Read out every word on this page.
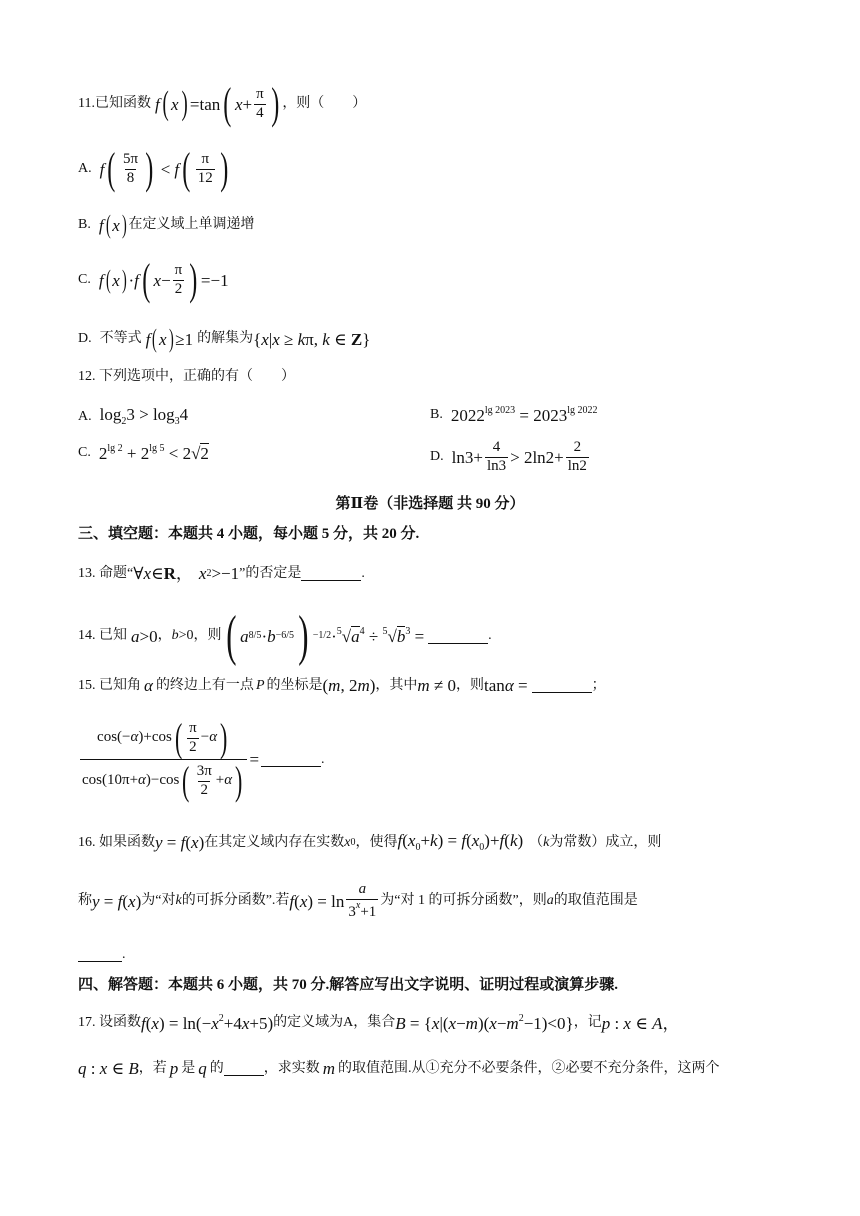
11. 已知函数 f ( x ) =tan ( $x + \frac{\pi}{4}$ ) ，则（　　）
A. f ( $\frac{5\pi}{8}$ ) < f ( $\frac{\pi}{12}$ )
B. f ( x ) 在定义域上单调递增
C. f ( x ) · f ( $x - \frac{\pi}{2}$ ) =−1
D. 不等式 f ( x ) ≥1 的解集为 {x|x ≥ kπ, k ∈ Z}
12. 下列选项中，正确的有（　　）
A. $\log_23 > \log_34$	B. $2022^{lg 2023} = 2023^{lg 2022}$
C. $2^{lg 2} + 2^{lg 5} < 2√2$	D. $\ln 3+ \frac{4}{\ln 3} > 2\ln 2+ \frac{2}{\ln 2}$
第Ⅱ卷（非选择题 共 90 分）
三、填空题：本题共 4 小题，每小题 5 分，共 20 分.
13. 命题“ ∀x∈R， x 2 >−1 ”的否定是	.
14. 已知 a >0 ， b >0 ，则 ( a 8/5 · b −6/5 ) $-1/2 \cdot^5√a^4 \div ^5√b^3$ =	.
15. 已知角 α 的终边上有一点 P 的坐标是 (m, 2m) ，其中 m ≠ 0 ，则 tanα =	；
$\frac{\cos(- \alpha )+\cos ( \frac{\pi}{2} - \alpha )}{\cos(10\pi+ \alpha )-\cos ( \frac{3\pi}{2} + \alpha )}$ =	.
16. 如果函数 y = f(x) 在其定义域内存在实数 x 0 ，使得 $f(x_0+k) = f(x_0)+f(k)$ （ k 为常数）成立，则
称 y = f(x) 为“对 k 的可拆分函数”.若 $f(x) = \ln \frac{a}{3^x+1}$ 为“对 1 的可拆分函数”，则 a 的取值范围是
.
四、解答题：本题共 6 小题，共 70 分.解答应写出文字说明、证明过程或演算步骤.
17. 设函数 $f(x) = \ln(-x^2+4x+5)$ 的定义域为A，集合 $B = \{x|(x-m)(x-m^2-1)<0\}$ ，记 p : x ∈ A，
q : x ∈ B ，若 p 是 q 的	，求实数 m 的取值范围.从①充分不必要条件，②必要不充分条件，这两个
